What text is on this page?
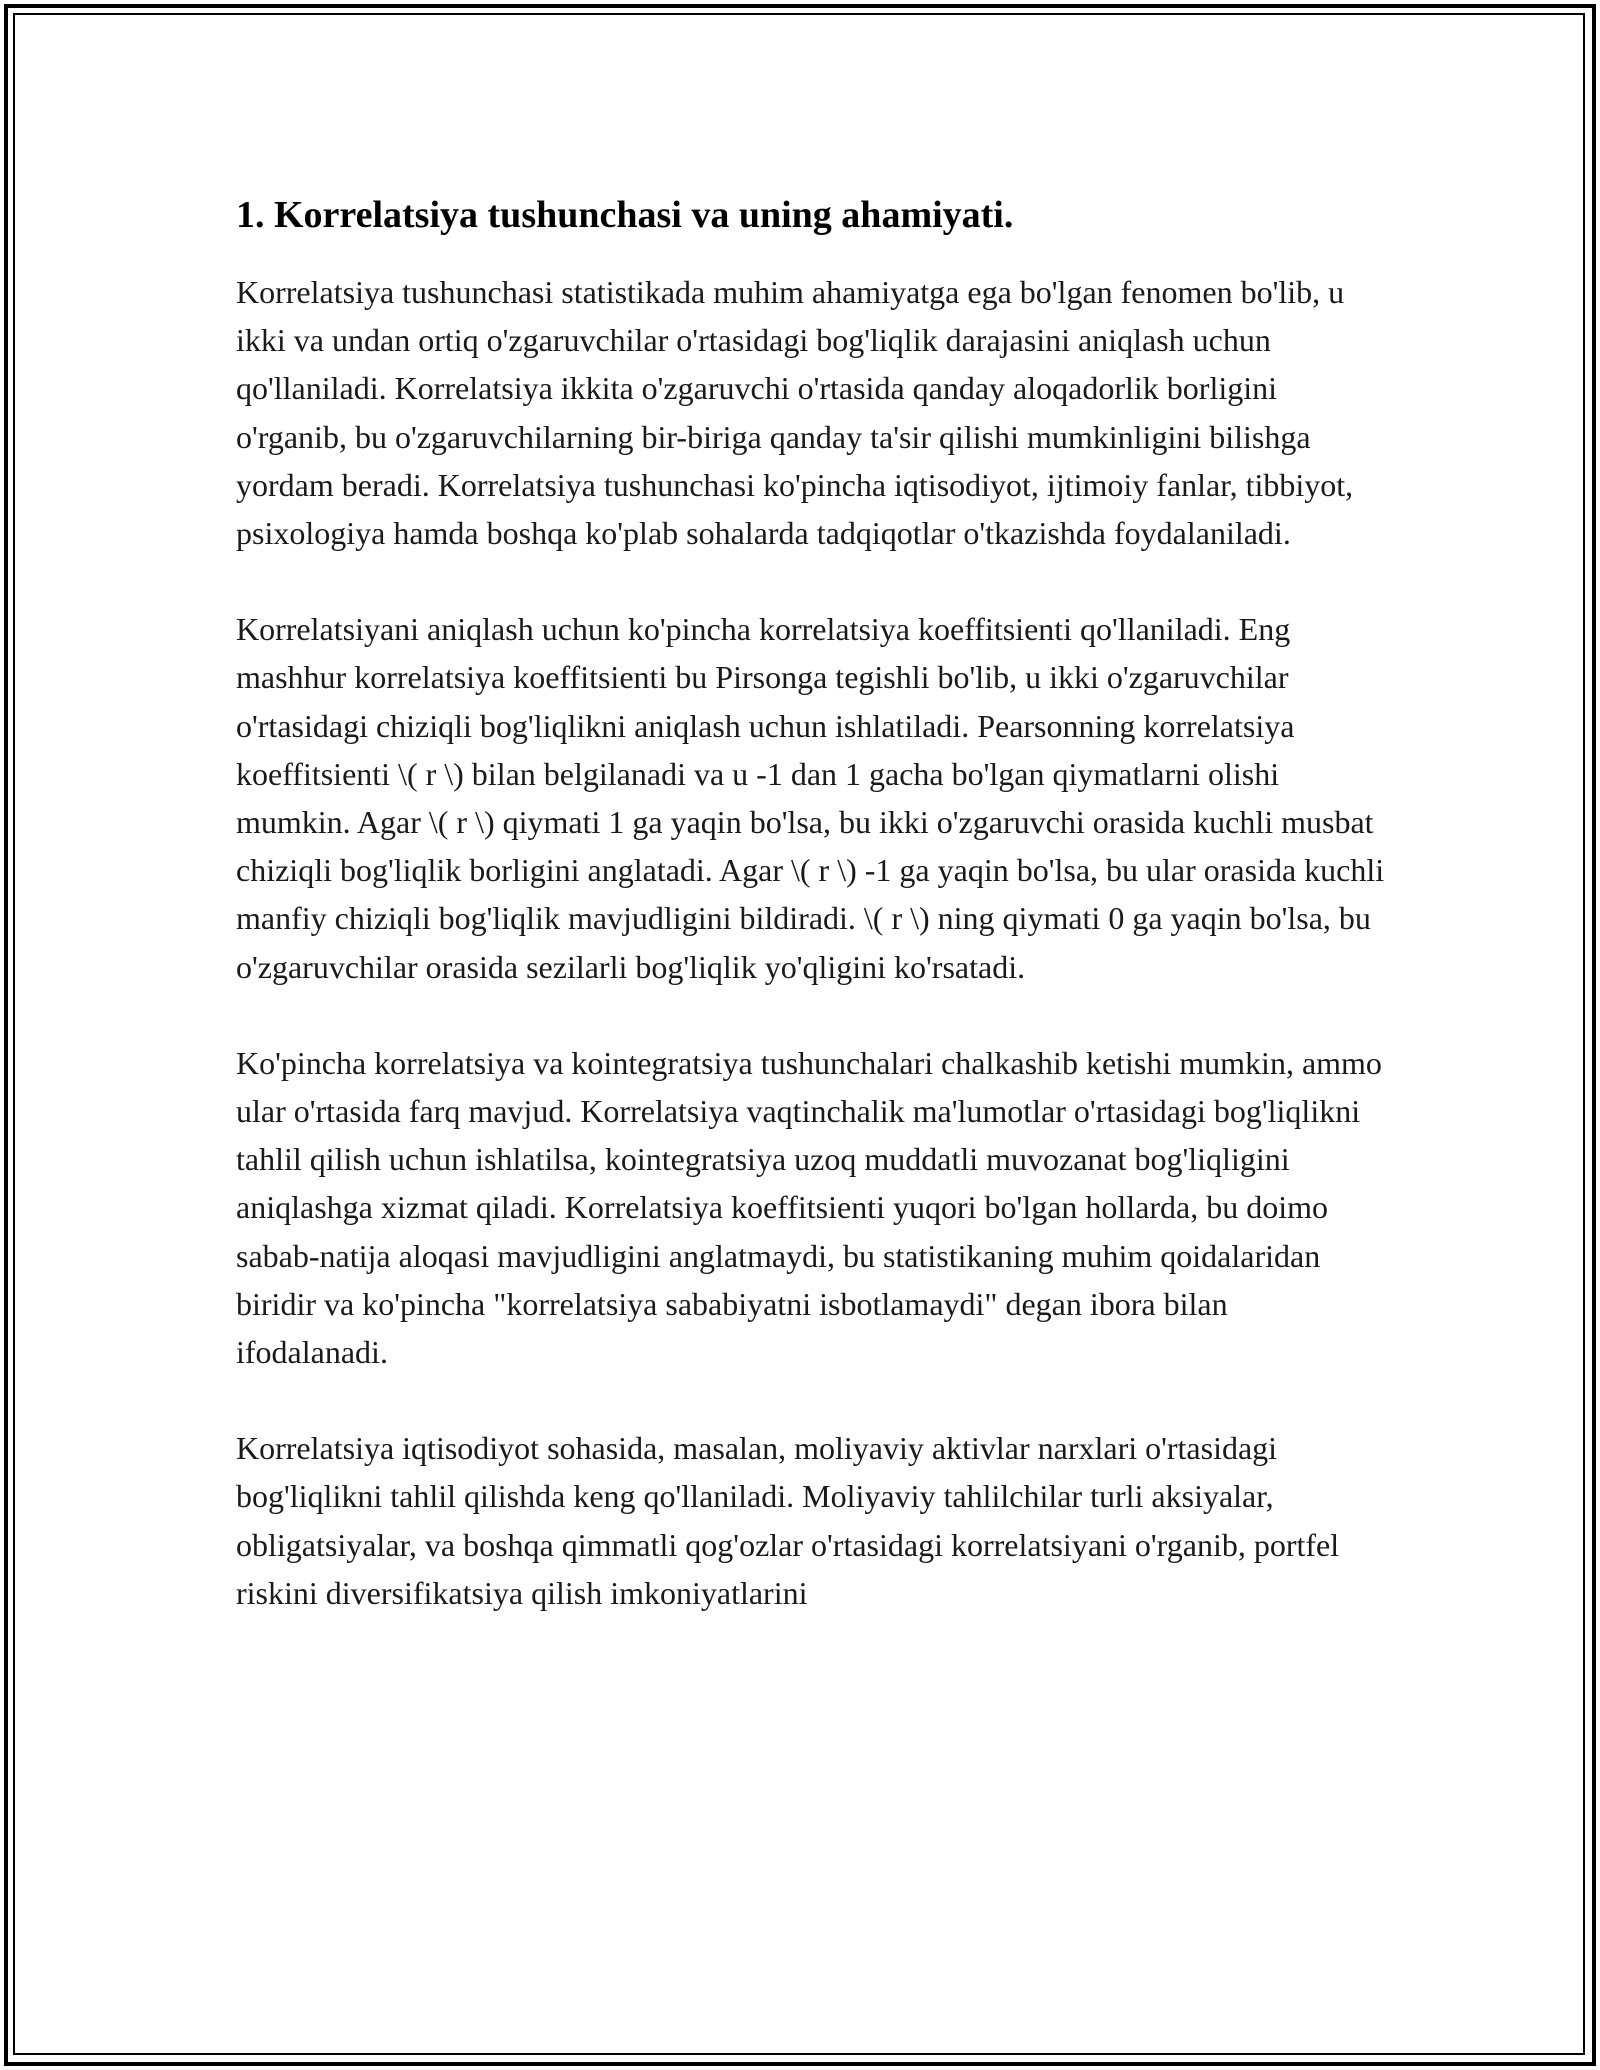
1. Korrelatsiya tushunchasi va uning ahamiyati.

Korrelatsiya tushunchasi statistikada muhim ahamiyatga ega bo'lgan fenomen bo'lib, u ikki va undan ortiq o'zgaruvchilar o'rtasidagi bog'liqlik darajasini aniqlash uchun qo'llaniladi. Korrelatsiya ikkita o'zgaruvchi o'rtasida qanday aloqadorlik borligini o'rganib, bu o'zgaruvchilarning bir-biriga qanday ta'sir qilishi mumkinligini bilishga yordam beradi. Korrelatsiya tushunchasi ko'pincha iqtisodiyot, ijtimoiy fanlar, tibbiyot, psixologiya hamda boshqa ko'plab sohalarda tadqiqotlar o'tkazishda foydalaniladi.

Korrelatsiyani aniqlash uchun ko'pincha korrelatsiya koeffitsienti qo'llaniladi. Eng mashhur korrelatsiya koeffitsienti bu Pirsonga tegishli bo'lib, u ikki o'zgaruvchilar o'rtasidagi chiziqli bog'liqlikni aniqlash uchun ishlatiladi. Pearsonning korrelatsiya koeffitsienti \( r \) bilan belgilanadi va u -1 dan 1 gacha bo'lgan qiymatlarni olishi mumkin. Agar \( r \) qiymati 1 ga yaqin bo'lsa, bu ikki o'zgaruvchi orasida kuchli musbat chiziqli bog'liqlik borligini anglatadi. Agar \( r \) -1 ga yaqin bo'lsa, bu ular orasida kuchli manfiy chiziqli bog'liqlik mavjudligini bildiradi. \( r \) ning qiymati 0 ga yaqin bo'lsa, bu o'zgaruvchilar orasida sezilarli bog'liqlik yo'qligini ko'rsatadi.

Ko'pincha korrelatsiya va kointegratsiya tushunchalari chalkashib ketishi mumkin, ammo ular o'rtasida farq mavjud. Korrelatsiya vaqtinchalik ma'lumotlar o'rtasidagi bog'liqlikni tahlil qilish uchun ishlatilsa, kointegratsiya uzoq muddatli muvozanat bog'liqligini aniqlashga xizmat qiladi. Korrelatsiya koeffitsienti yuqori bo'lgan hollarda, bu doimo sabab-natija aloqasi mavjudligini anglatmaydi, bu statistikaning muhim qoidalaridan biridir va ko'pincha "korrelatsiya sababiyatni isbotlamaydi" degan ibora bilan ifodalanadi.

Korrelatsiya iqtisodiyot sohasida, masalan, moliyaviy aktivlar narxlari o'rtasidagi bog'liqlikni tahlil qilishda keng qo'llaniladi. Moliyaviy tahlilchilar turli aksiyalar, obligatsiyalar, va boshqa qimmatli qog'ozlar o'rtasidagi korrelatsiyani o'rganib, portfel riskini diversifikatsiya qilish imkoniyatlarini
